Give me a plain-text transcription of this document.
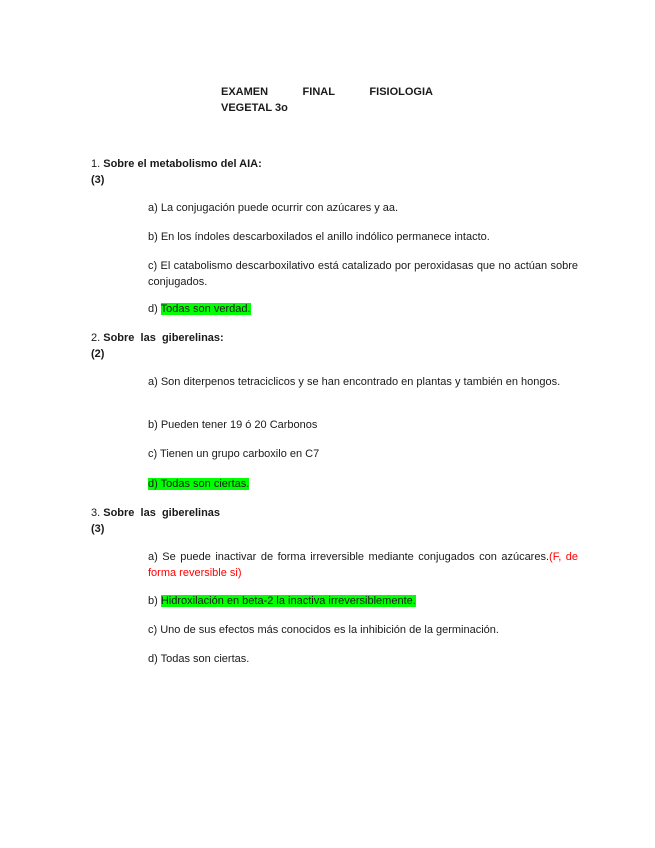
EXAMEN	FINAL	FISIOLOGIA
VEGETAL 3o
1. Sobre el metabolismo del AIA:
(3)
a) La conjugación puede ocurrir con azúcares y aa.
b) En los índoles descarboxilados el anillo indólico permanece intacto.
c) El catabolismo descarboxilativo está catalizado por peroxidasas que no actúan sobre conjugados.
d) Todas son verdad.
2. Sobre  las  giberelinas:
(2)
a) Son diterpenos tetraciclicos y se han encontrado en plantas y también en hongos.
b) Pueden tener 19 ó 20 Carbonos
c) Tienen un grupo carboxilo en C7
d) Todas son ciertas.
3. Sobre  las  giberelinas
(3)
a) Se puede inactivar de forma irreversible mediante conjugados con azúcares.(F, de forma reversible si)
b) Hidroxilación en beta-2 la inactiva irreversiblemente.
c) Uno de sus efectos más conocidos es la inhibición de la germinación.
d) Todas son ciertas.
